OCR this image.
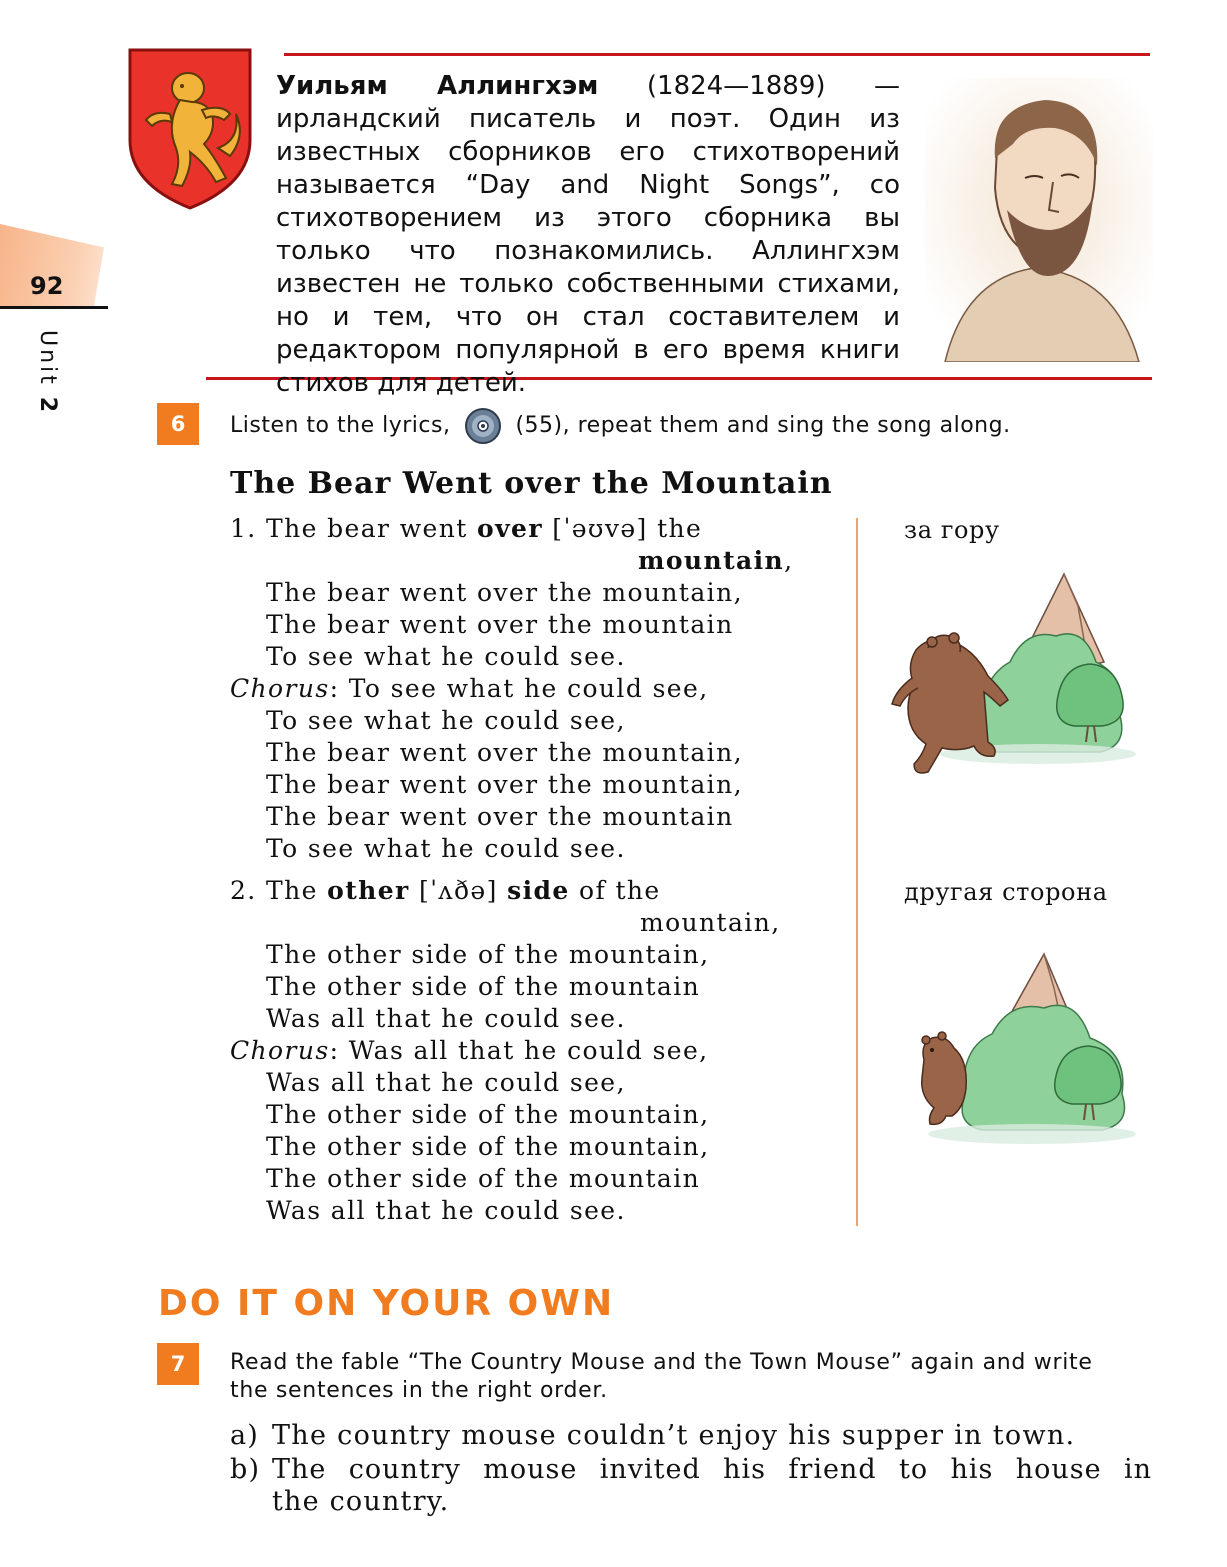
92
Unit 2
Уильям Аллингхэм (1824—1889) — ирландский писатель и поэт. Один из известных сборников его стихотворений называется “Day and Night Songs”, со стихотворением из этого сборника вы только что познакомились. Аллингхэм известен не только собственными стихами, но и тем, что он стал составителем и редактором популярной в его время книги стихов для детей.
6	Listen to the lyrics,	(55), repeat them and sing the song along.
The Bear Went over the Mountain
1. The bear went over [ˈəʊvə] the
mountain,
The bear went over the mountain,
The bear went over the mountain
To see what he could see.
Chorus: To see what he could see,
To see what he could see,
The bear went over the mountain,
The bear went over the mountain,
The bear went over the mountain
To see what he could see.
2. The other [ˈʌðə] side of the
mountain,
The other side of the mountain,
The other side of the mountain
Was all that he could see.
Chorus: Was all that he could see,
Was all that he could see,
The other side of the mountain,
The other side of the mountain,
The other side of the mountain
Was all that he could see.
за гору
другая сторона
DO IT ON YOUR OWN
7	Read the fable “The Country Mouse and the Town Mouse” again and write
the sentences in the right order.
a) The country mouse couldn’t enjoy his supper in town.
b) The country mouse invited his friend to his house in
the country.
